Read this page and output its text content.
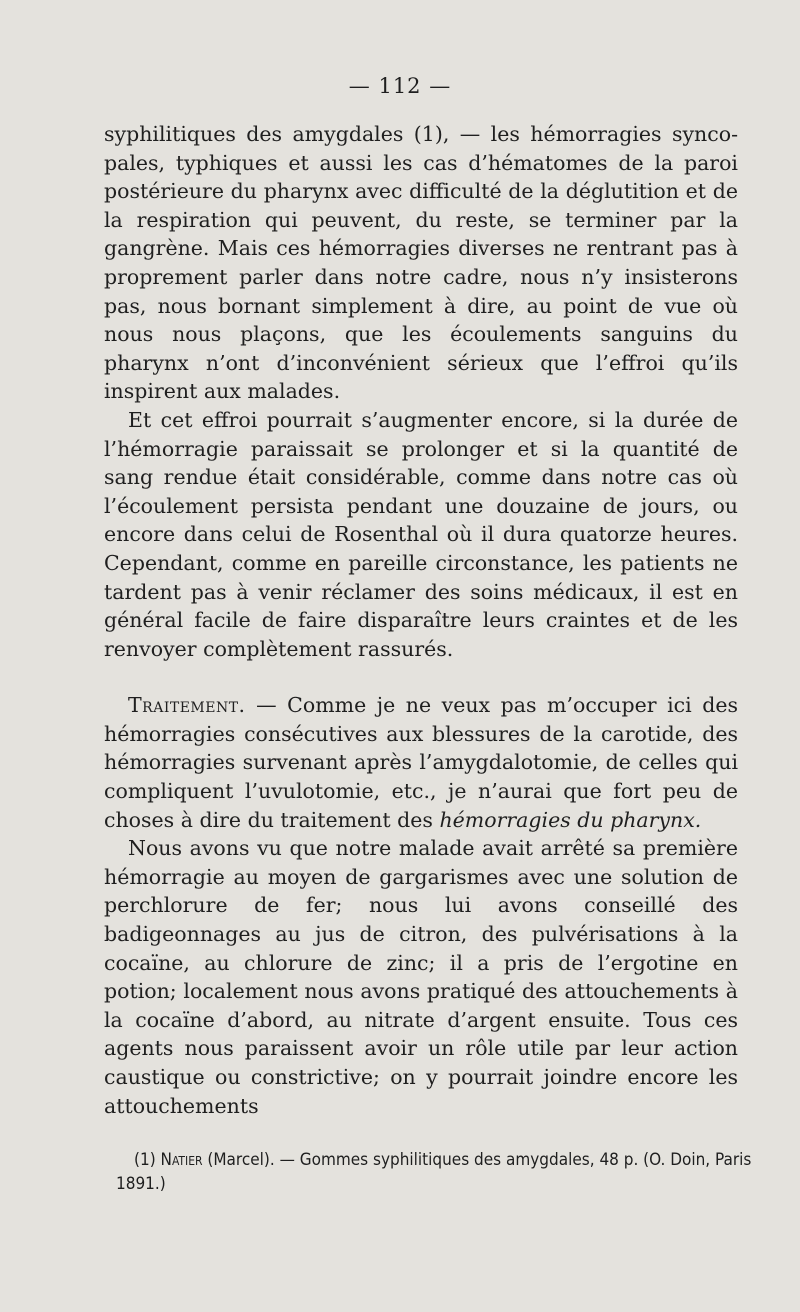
— 112 —

syphilitiques des amygdales (1), — les hémorragies synco-pales, typhiques et aussi les cas d’hématomes de la paroi postérieure du pharynx avec difficulté de la déglutition et de la respiration qui peuvent, du reste, se terminer par la gangrène. Mais ces hémorragies diverses ne rentrant pas à proprement parler dans notre cadre, nous n’y insisterons pas, nous bornant simplement à dire, au point de vue où nous nous plaçons, que les écoulements sanguins du pharynx n’ont d’inconvénient sérieux que l’effroi qu’ils inspirent aux malades.

Et cet effroi pourrait s’augmenter encore, si la durée de l’hémorragie paraissait se prolonger et si la quantité de sang rendue était considérable, comme dans notre cas où l’écoulement persista pendant une douzaine de jours, ou encore dans celui de Rosenthal où il dura quatorze heures. Cependant, comme en pareille circonstance, les patients ne tardent pas à venir réclamer des soins médicaux, il est en général facile de faire disparaître leurs craintes et de les renvoyer complètement rassurés.

Traitement. — Comme je ne veux pas m’occuper ici des hémorragies consécutives aux blessures de la carotide, des hémorragies survenant après l’amygdalotomie, de celles qui compliquent l’uvulotomie, etc., je n’aurai que fort peu de choses à dire du traitement des hémorragies du pharynx.

Nous avons vu que notre malade avait arrêté sa première hémorragie au moyen de gargarismes avec une solution de perchlorure de fer; nous lui avons conseillé des badigeonnages au jus de citron, des pulvérisations à la cocaïne, au chlorure de zinc; il a pris de l’ergotine en potion; localement nous avons pratiqué des attouchements à la cocaïne d’abord, au nitrate d’argent ensuite. Tous ces agents nous paraissent avoir un rôle utile par leur action caustique ou constrictive; on y pourrait joindre encore les attouchements

(1) Natier (Marcel). — Gommes syphilitiques des amygdales, 48 p. (O. Doin, Paris 1891.)
